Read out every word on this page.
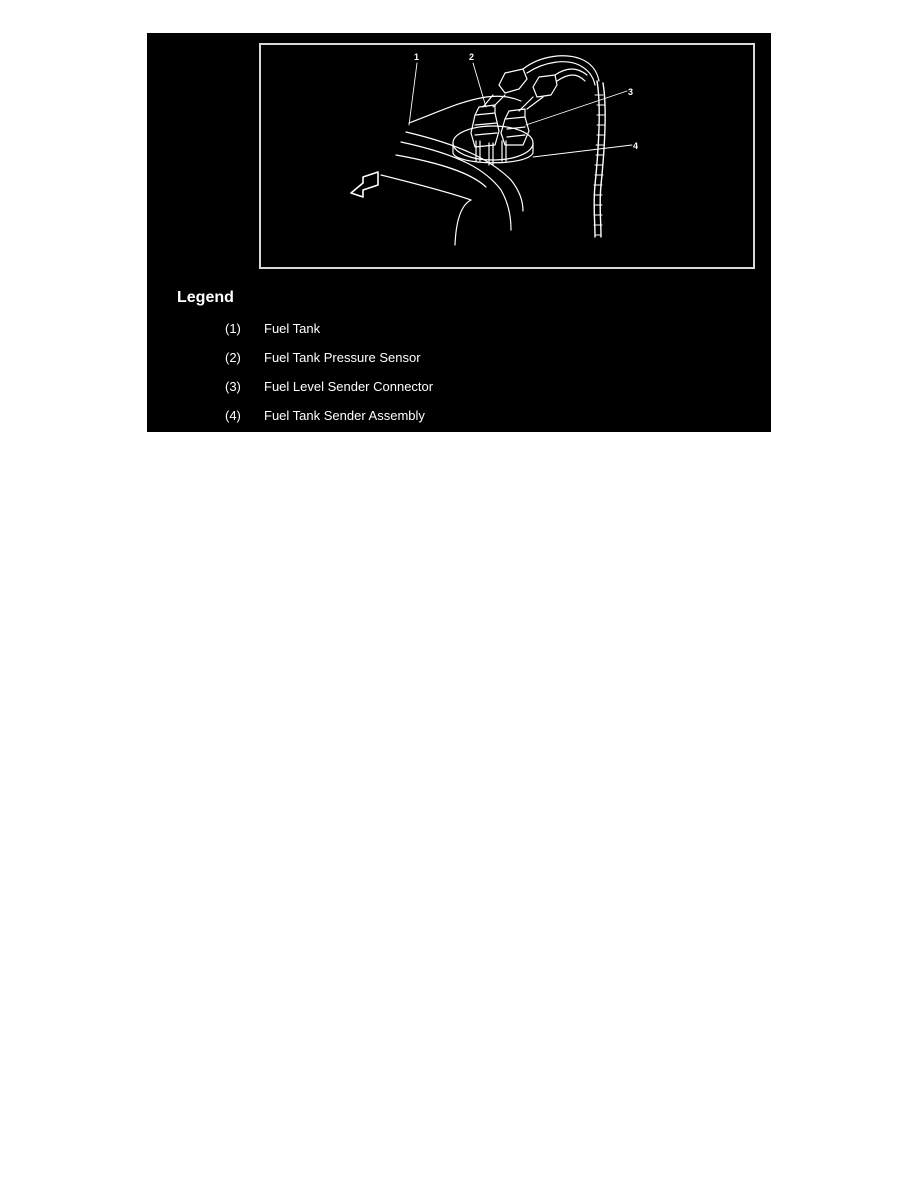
1	2
3
4
Legend
(1)	Fuel Tank
(2)	Fuel Tank Pressure Sensor
(3)	Fuel Level Sender Connector
(4)	Fuel Tank Sender Assembly
